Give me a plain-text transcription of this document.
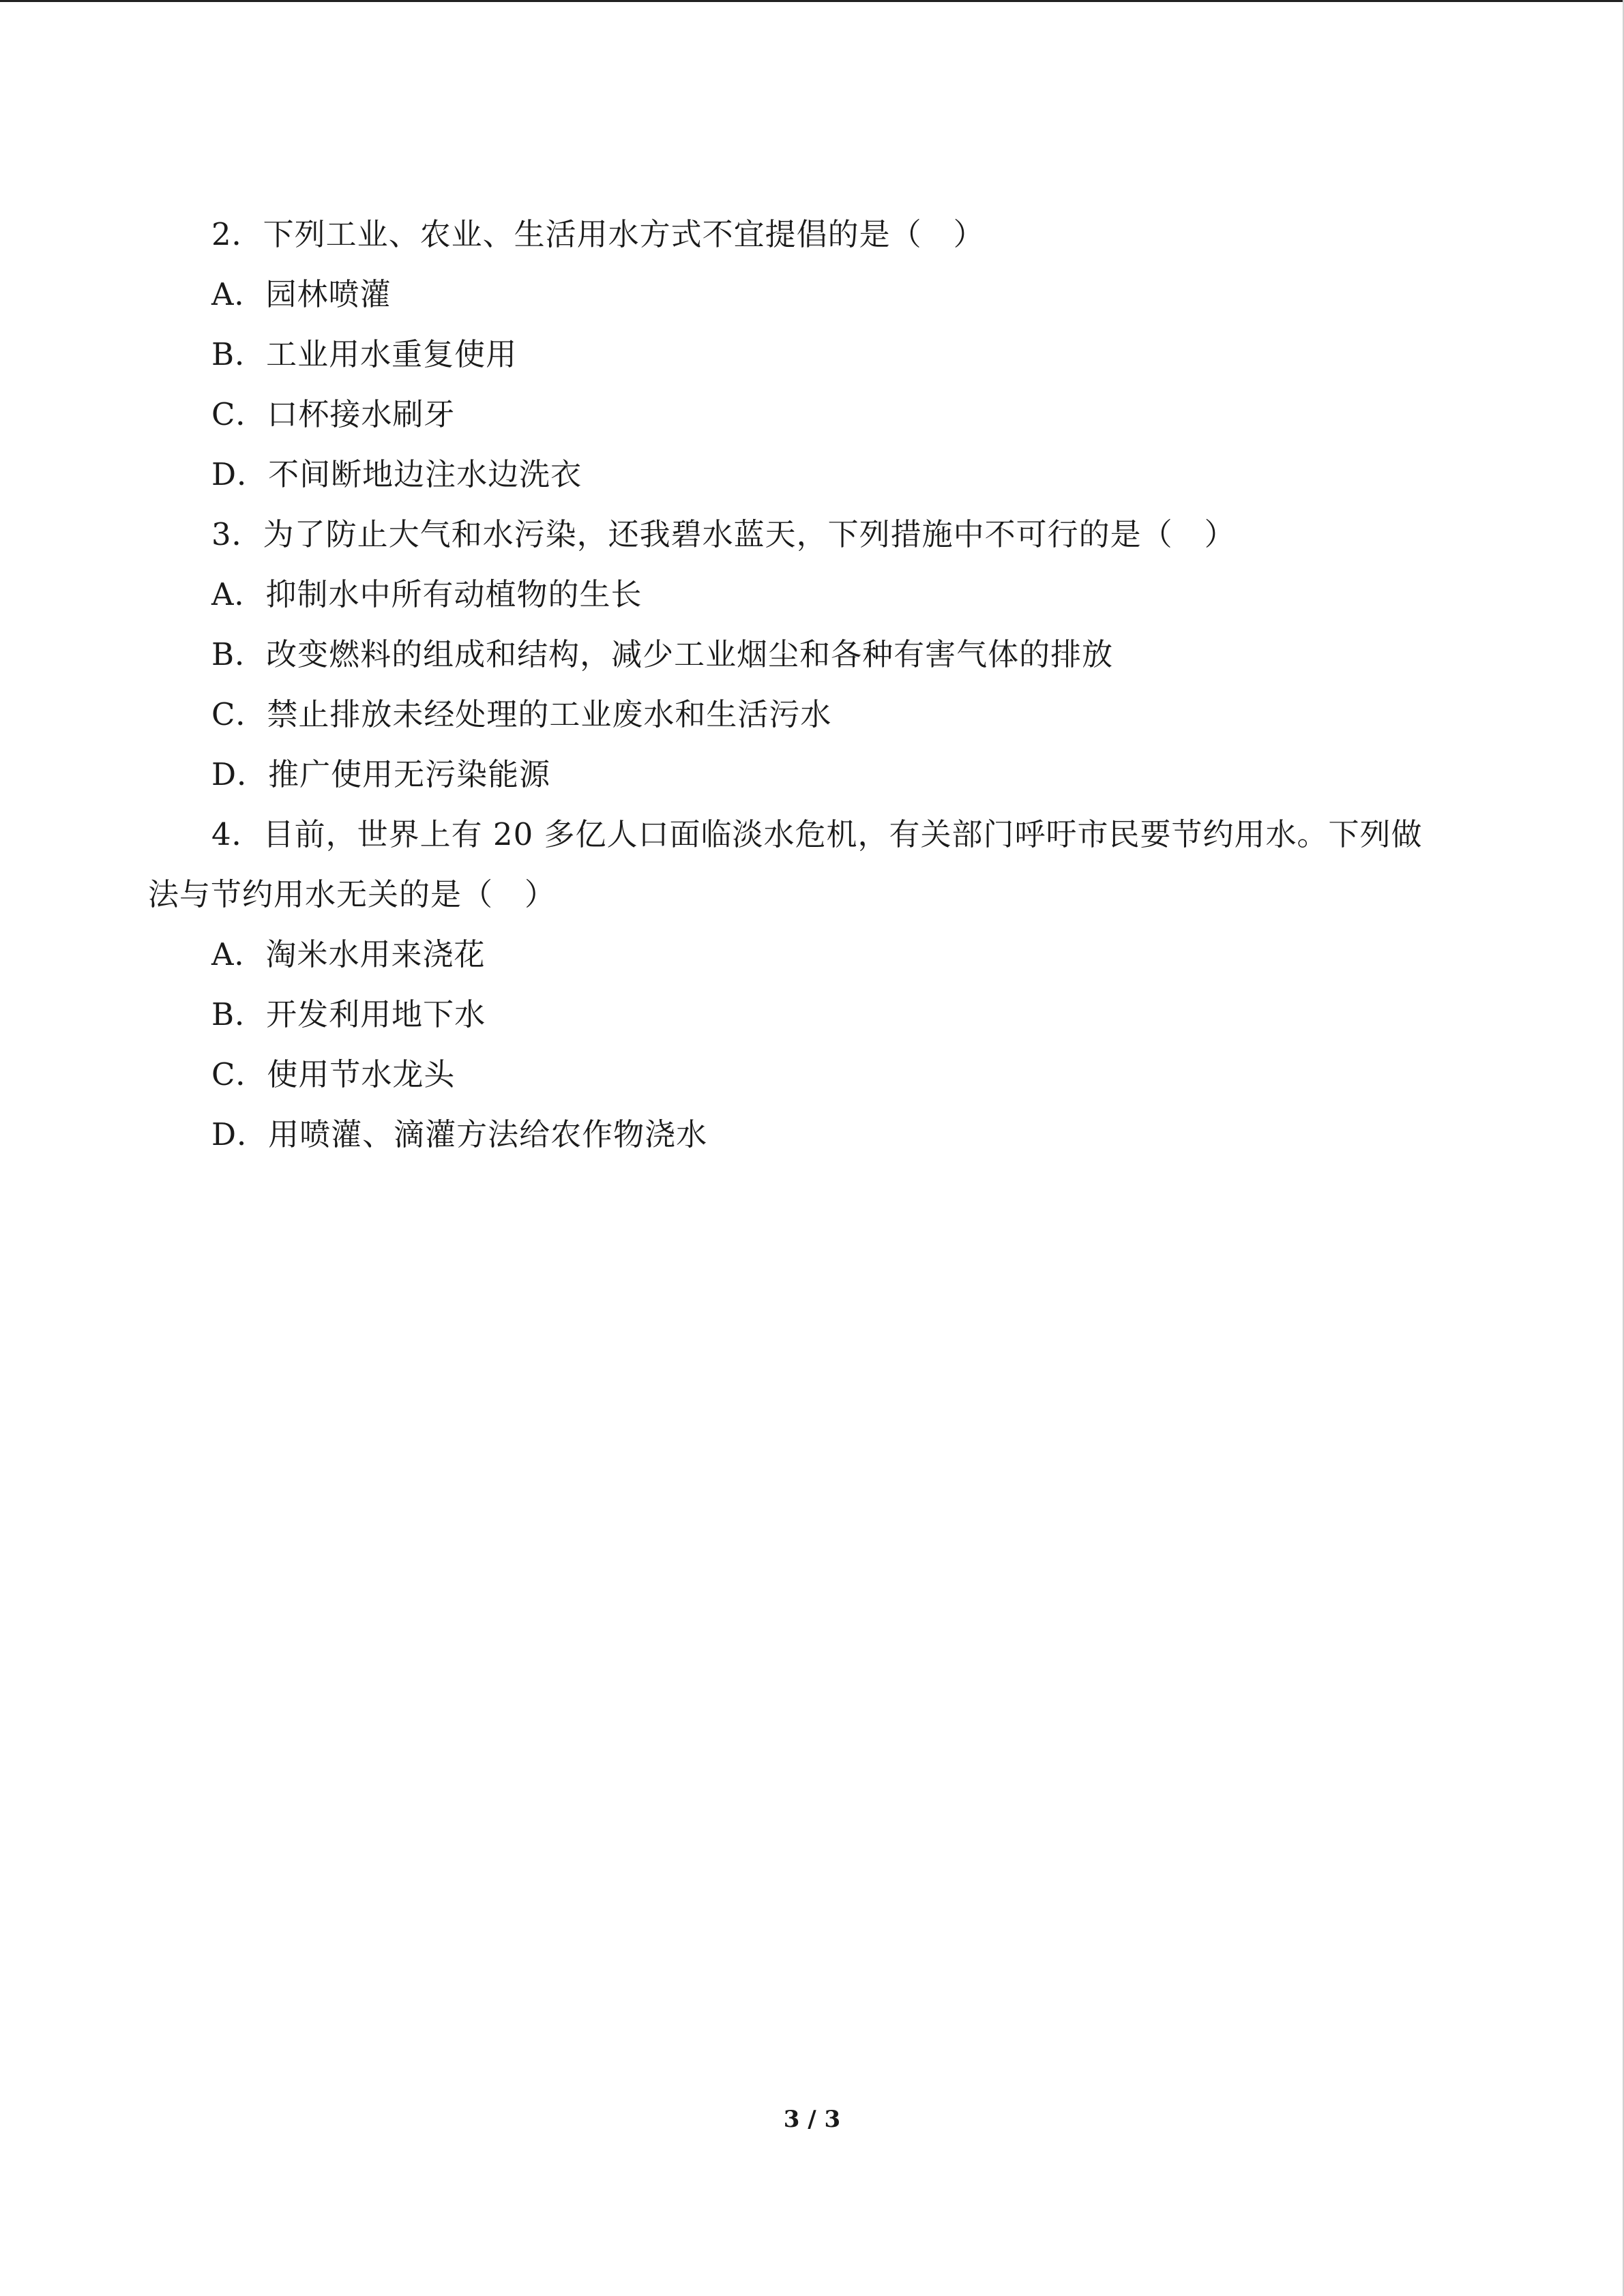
2．下列工业、农业、生活用水方式不宜提倡的是（　）
A．园林喷灌
B．工业用水重复使用
C．口杯接水刷牙
D．不间断地边注水边洗衣
3．为了防止大气和水污染，还我碧水蓝天，下列措施中不可行的是（　）
A．抑制水中所有动植物的生长
B．改变燃料的组成和结构，减少工业烟尘和各种有害气体的排放
C．禁止排放未经处理的工业废水和生活污水
D．推广使用无污染能源
4．目前，世界上有 20 多亿人口面临淡水危机，有关部门呼吁市民要节约用水。下列做
法与节约用水无关的是（　）
A．淘米水用来浇花
B．开发利用地下水
C．使用节水龙头
D．用喷灌、滴灌方法给农作物浇水
3 / 3
